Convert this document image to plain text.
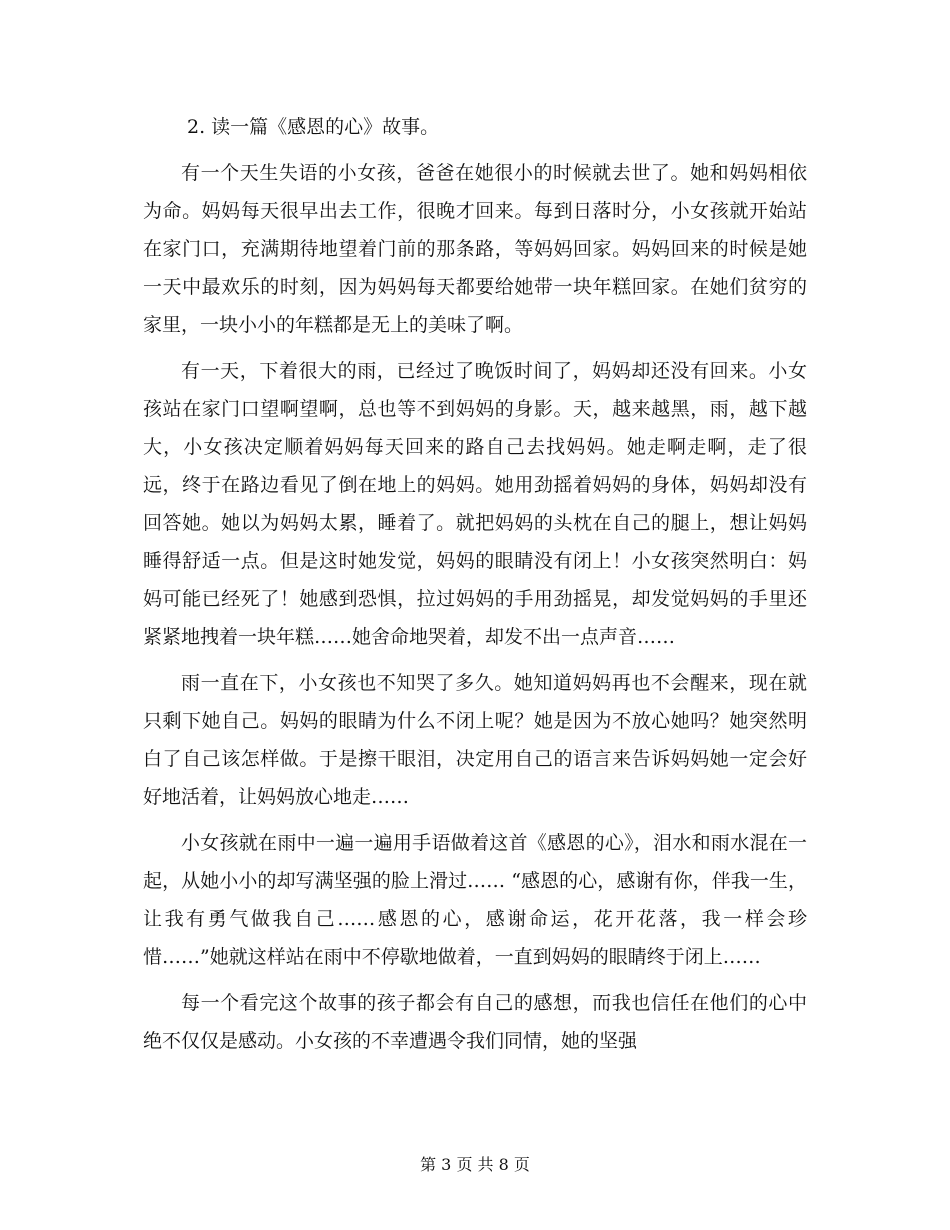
2. 读一篇《感恩的心》故事。

有一个天生失语的小女孩，爸爸在她很小的时候就去世了。她和妈妈相依为命。妈妈每天很早出去工作，很晚才回来。每到日落时分，小女孩就开始站在家门口，充满期待地望着门前的那条路，等妈妈回家。妈妈回来的时候是她一天中最欢乐的时刻，因为妈妈每天都要给她带一块年糕回家。在她们贫穷的家里，一块小小的年糕都是无上的美味了啊。

有一天，下着很大的雨，已经过了晚饭时间了，妈妈却还没有回来。小女孩站在家门口望啊望啊，总也等不到妈妈的身影。天，越来越黑，雨，越下越大，小女孩决定顺着妈妈每天回来的路自己去找妈妈。她走啊走啊，走了很远，终于在路边看见了倒在地上的妈妈。她用劲摇着妈妈的身体，妈妈却没有回答她。她以为妈妈太累，睡着了。就把妈妈的头枕在自己的腿上，想让妈妈睡得舒适一点。但是这时她发觉，妈妈的眼睛没有闭上！小女孩突然明白：妈妈可能已经死了！她感到恐惧，拉过妈妈的手用劲摇晃，却发觉妈妈的手里还紧紧地拽着一块年糕……她舍命地哭着，却发不出一点声音……

雨一直在下，小女孩也不知哭了多久。她知道妈妈再也不会醒来，现在就只剩下她自己。妈妈的眼睛为什么不闭上呢？她是因为不放心她吗？她突然明白了自己该怎样做。于是擦干眼泪，决定用自己的语言来告诉妈妈她一定会好好地活着，让妈妈放心地走……

小女孩就在雨中一遍一遍用手语做着这首《感恩的心》，泪水和雨水混在一起，从她小小的却写满坚强的脸上滑过…… “感恩的心，感谢有你，伴我一生，让我有勇气做我自己……感恩的心，感谢命运，花开花落，我一样会珍惜……”她就这样站在雨中不停歇地做着，一直到妈妈的眼睛终于闭上……

每一个看完这个故事的孩子都会有自己的感想，而我也信任在他们的心中绝不仅仅是感动。小女孩的不幸遭遇令我们同情，她的坚强

第 3 页 共 8 页
